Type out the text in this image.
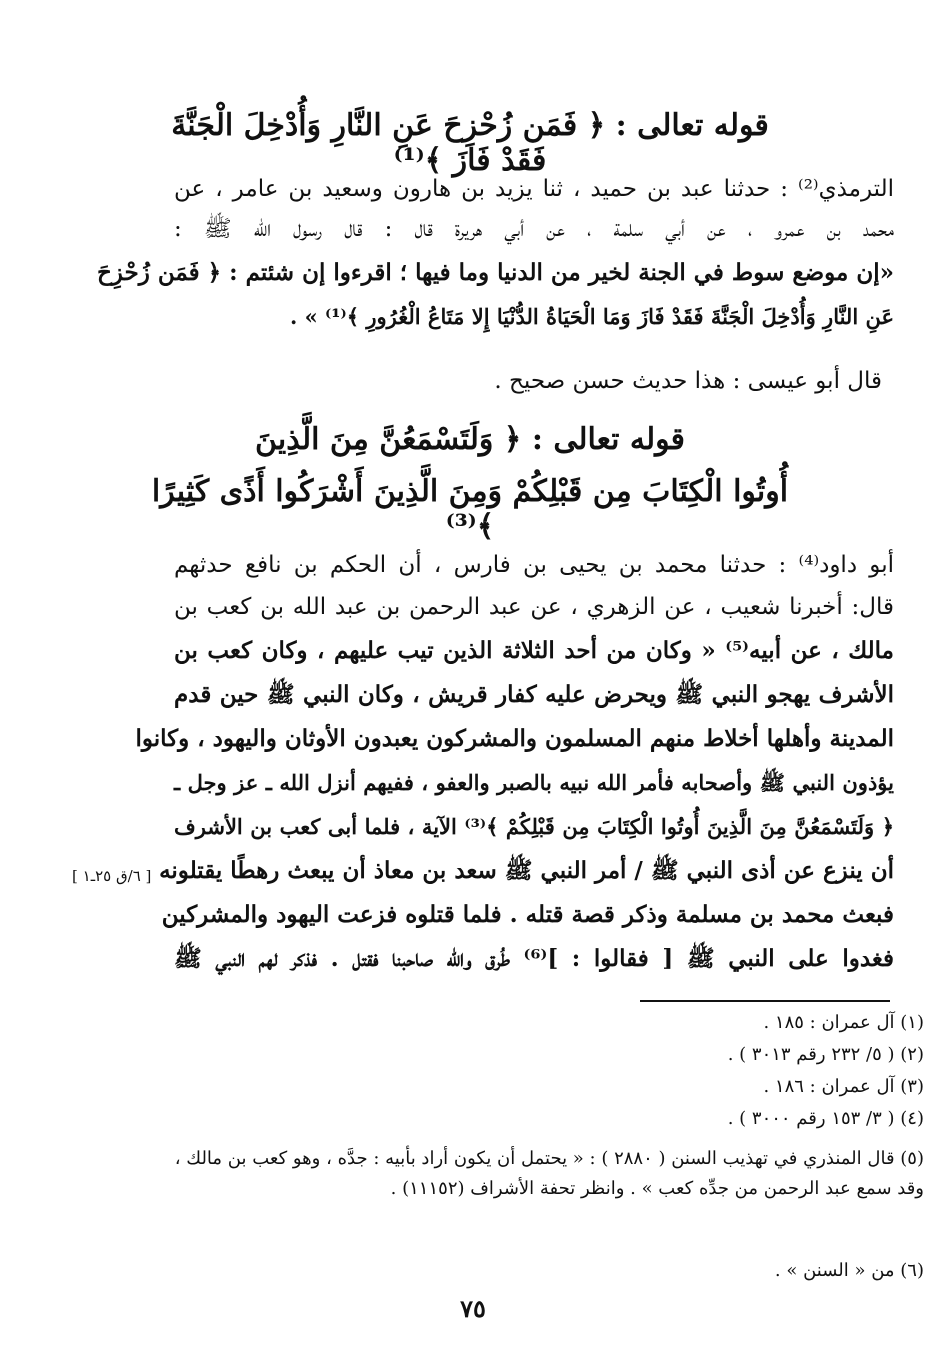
قوله تعالى : ﴿ فَمَن زُحْزِحَ عَنِ النَّارِ وَأُدْخِلَ الْجَنَّةَ فَقَدْ فَازَ ﴾⁽¹⁾
الترمذي⁽²⁾ : حدثنا عبد بن حميد ، ثنا يزيد بن هارون وسعيد بن عامر ، عن
محمد بن عمرو ، عن أبي سلمة ، عن أبي هريرة قال : قال رسول الله ﷺ :
«إن موضع سوط في الجنة لخير من الدنيا وما فيها ؛ اقرءوا إن شئتم : ﴿ فَمَن زُحْزِحَ
عَنِ النَّارِ وَأُدْخِلَ الْجَنَّةَ فَقَدْ فَازَ وَمَا الْحَيَاةُ الدُّنْيَا إِلا مَتَاعُ الْغُرُورِ ﴾⁽¹⁾ » .
قال أبو عيسى : هذا حديث حسن صحيح .
قوله تعالى : ﴿ وَلَتَسْمَعُنَّ مِنَ الَّذِينَ
أُوتُوا الْكِتَابَ مِن قَبْلِكُمْ وَمِنَ الَّذِينَ أَشْرَكُوا أَذًى كَثِيرًا ﴾⁽³⁾
أبو داود⁽⁴⁾ : حدثنا محمد بن يحيى بن فارس ، أن الحكم بن نافع حدثهم
قال: أخبرنا شعيب ، عن الزهري ، عن عبد الرحمن بن عبد الله بن كعب بن
مالك ، عن أبيه⁽⁵⁾ « وكان من أحد الثلاثة الذين تيب عليهم ، وكان كعب بن
الأشرف يهجو النبي ﷺ ويحرض عليه كفار قريش ، وكان النبي ﷺ حين قدم
المدينة وأهلها أخلاط منهم المسلمون والمشركون يعبدون الأوثان واليهود ، وكانوا
يؤذون النبي ﷺ وأصحابه فأمر الله نبيه بالصبر والعفو ، ففيهم أنزل الله ـ عز وجل ـ
﴿ وَلَتَسْمَعُنَّ مِنَ الَّذِينَ أُوتُوا الْكِتَابَ مِن قَبْلِكُمْ ﴾⁽³⁾ الآية ، فلما أبى كعب بن الأشرف
أن ينزع عن أذى النبي ﷺ / أمر النبي ﷺ سعد بن معاذ أن يبعث رهطًا يقتلونه
فبعث محمد بن مسلمة وذكر قصة قتله . فلما قتلوه فزعت اليهود والمشركين
فغدوا على النبي ﷺ [ فقالوا : ]⁽⁶⁾ طُرق والله صاحبنا فقتل . فذكر لهم النبي ﷺ
[ ٦/ق ٢٥ـ١ ]
(١) آل عمران : ١٨٥ .
(٢) ( ٥/ ٢٣٢ رقم ٣٠١٣ ) .
(٣) آل عمران : ١٨٦ .
(٤) ( ٣/ ١٥٣ رقم ٣٠٠٠ ) .
(٥) قال المنذري في تهذيب السنن ( ٢٨٨٠ ) : « يحتمل أن يكون أراد بأبيه : جدَّه ، وهو كعب بن مالك ، وقد سمع عبد الرحمن من جدِّه كعب » . وانظر تحفة الأشراف (١١١٥٢) .
(٦) من « السنن » .
٧٥
